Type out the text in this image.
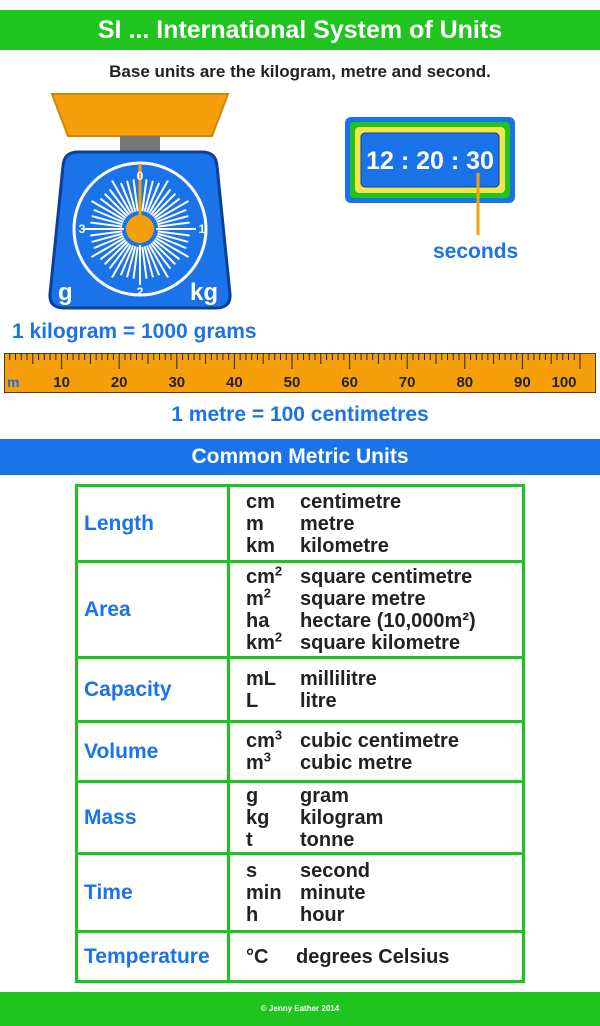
SI ... International System of Units
Base units are the kilogram, metre and second.
0
1
2
3
g	kg
12 : 20 : 30
seconds
1 kilogram = 1000 grams
m 10	20	30	40	50	60	70	80	90 100
1 metre = 100 centimetres
Common Metric Units
Length	cm centimetre
m metre
km kilometre

Area	$cm^2$ square centimetre
$m^2$ square metre
ha hectare (10,000m²)
$km^2$ square kilometre

Capacity	mL millilitre
L litre

Volume	$cm^3$ cubic centimetre
$m^3$ cubic metre

Mass	g gram
kg kilogram
t tonne

Time	s second
min minute
h hour

Temperature	°C degrees Celsius
© Jenny Eather 2014
